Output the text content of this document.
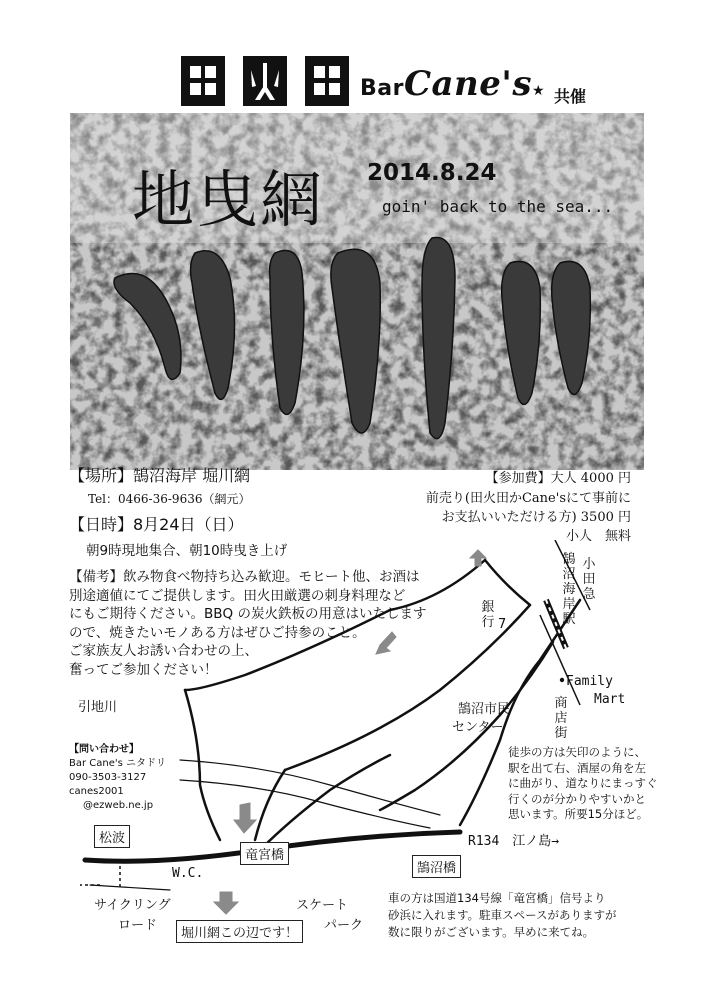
BarCane's★ 共催
地曳網 2014.8.24
goin' back to the sea...
【場所】鵠沼海岸 堀川網
Tel：0466-36-9636（網元）
【日時】8月24日（日）
朝9時現地集合、朝10時曳き上げ
【参加費】大人 4000 円
前売り(田火田かCane'sにて事前に
お支払いいただける方) 3500 円
小人　無料
【備考】飲み物食べ物持ち込み歓迎。モヒート他、お酒は
別途適値にてご提供します。田火田厳選の刺身料理など
にもご期待ください。BBQ の炭火鉄板の用意はいたします
ので、焼きたいモノある方はぜひご持参のこと。
ご家族友人お誘い合わせの上、
奮ってご参加ください！
引地川
松波
竜宮橋
鵠沼橋
W.C.
R134　江ノ島→
サイクリング
ロード
スケート
パーク
堀川網この辺です！
鵠沼市民
センター
銀行 7
Family
Mart
商店街
小田急
鵠沼海岸駅
【問い合わせ】
Bar Cane's ニタドリ
090-3503-3127
canes2001
@ezweb.ne.jp
徒歩の方は矢印のように、
駅を出て右、酒屋の角を左
に曲がり、道なりにまっすぐ
行くのが分かりやすいかと
思います。所要15分ほど。
車の方は国道134号線「竜宮橋」信号より
砂浜に入れます。駐車スペースがありますが
数に限りがございます。早めに来てね。
